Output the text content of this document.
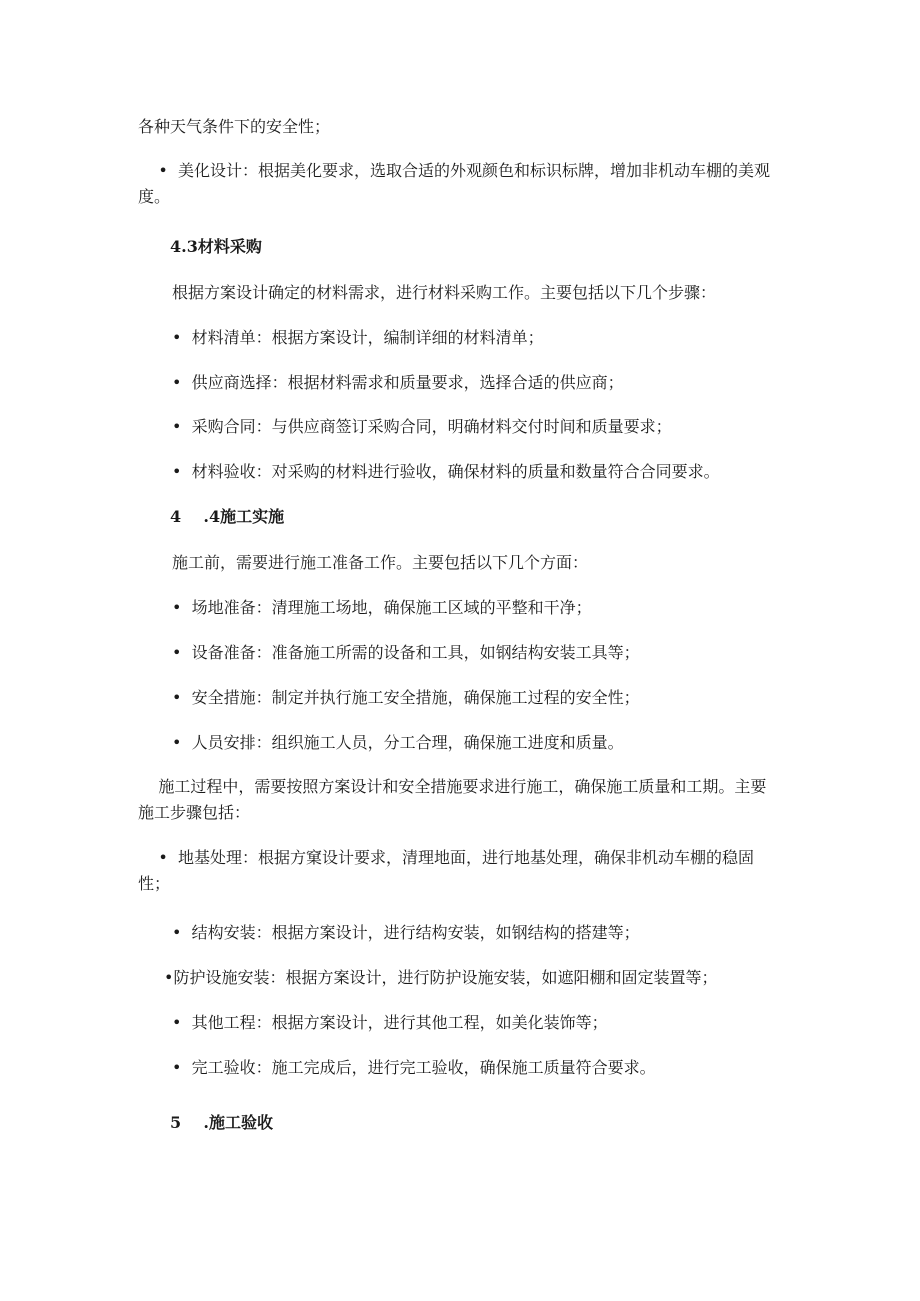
各种天气条件下的安全性；

•  美化设计：根据美化要求，选取合适的外观颜色和标识标牌，增加非机动车棚的美观度。

4.3材料采购

根据方案设计确定的材料需求，进行材料采购工作。主要包括以下几个步骤：

•  材料清单：根据方案设计，编制详细的材料清单；

•  供应商选择：根据材料需求和质量要求，选择合适的供应商；

•  采购合同：与供应商签订采购合同，明确材料交付时间和质量要求；

•  材料验收：对采购的材料进行验收，确保材料的质量和数量符合合同要求。

4    .4施工实施

施工前，需要进行施工准备工作。主要包括以下几个方面：

•  场地准备：清理施工场地，确保施工区域的平整和干净；

•  设备准备：准备施工所需的设备和工具，如钢结构安装工具等；

•  安全措施：制定并执行施工安全措施，确保施工过程的安全性；

•  人员安排：组织施工人员，分工合理，确保施工进度和质量。

施工过程中，需要按照方案设计和安全措施要求进行施工，确保施工质量和工期。主要施工步骤包括：

•  地基处理：根据方窠设计要求，清理地面，进行地基处理，确保非机动车棚的稳固性；

•  结构安装：根据方案设计，进行结构安装，如钢结构的搭建等；

•防护设施安装：根据方案设计，进行防护设施安装，如遮阳棚和固定装置等；

•  其他工程：根据方案设计，进行其他工程，如美化装饰等；

•  完工验收：施工完成后，进行完工验收，确保施工质量符合要求。

5    .施工验收
